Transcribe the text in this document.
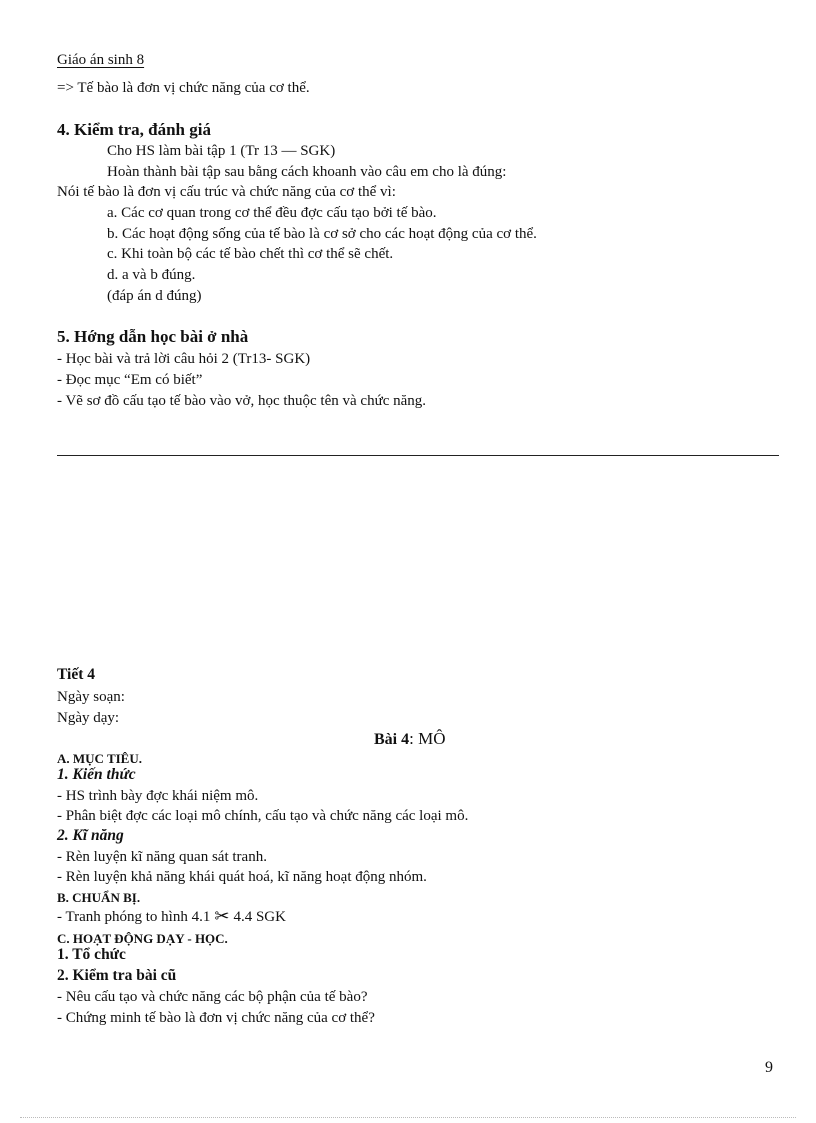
Giáo án sinh 8
=> Tế bào là đơn vị chức năng của cơ thể.
4. Kiểm tra, đánh giá
Cho HS làm bài tập 1 (Tr 13 — SGK)
Hoàn thành bài tập sau bằng cách khoanh vào câu em cho là đúng:
Nói tế bào là đơn vị cấu trúc và chức năng của cơ thể vì:
a. Các cơ quan trong cơ thể đều đợc cấu tạo bởi tế bào.
b. Các hoạt động sống của tế bào là cơ sở cho các hoạt động của cơ thể.
c. Khi toàn bộ các tế bào chết thì cơ thể sẽ chết.
d. a và b đúng.
(đáp án d đúng)
5. Hớng dẫn học bài ở nhà
- Học bài và trả lời câu hỏi 2 (Tr13- SGK)
- Đọc mục “Em có biết”
- Vẽ sơ đồ cấu tạo tế bào vào vở, học thuộc tên và chức năng.
Tiết 4
Ngày soạn:
Ngày dạy:
Bài 4: MÔ
A. MỤC TIÊU.
1. Kiến thức
- HS trình bày đợc khái niệm mô.
- Phân biệt đợc các loại mô chính, cấu tạo và chức năng các loại mô.
2. Kĩ năng
- Rèn luyện kĩ năng quan sát tranh.
- Rèn luyện khả năng khái quát hoá, kĩ năng hoạt động nhóm.
B. CHUẨN BỊ.
- Tranh phóng to hình 4.1 ✂ 4.4 SGK
C. HOẠT ĐỘNG DẠY - HỌC.
1. Tổ chức
2. Kiểm tra bài cũ
- Nêu cấu tạo và chức năng các bộ phận của tế bào?
- Chứng minh tế bào là đơn vị chức năng của cơ thể?
9
